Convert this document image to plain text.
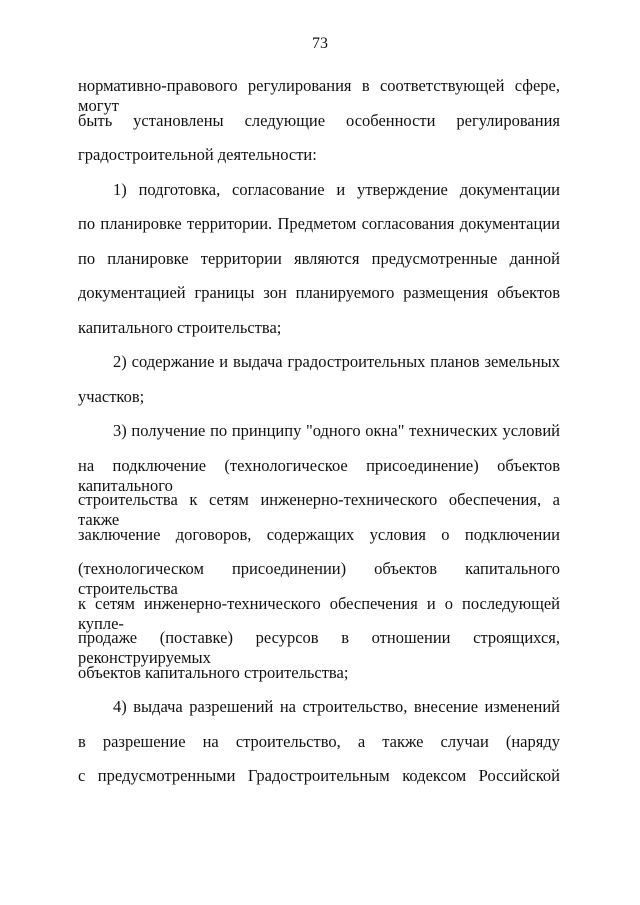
73
нормативно-правового регулирования в соответствующей сфере, могут
быть установлены следующие особенности регулирования
градостроительной деятельности:
1) подготовка, согласование и утверждение документации
по планировке территории. Предметом согласования документации
по планировке территории являются предусмотренные данной
документацией границы зон планируемого размещения объектов
капитального строительства;
2) содержание и выдача градостроительных планов земельных
участков;
3) получение по принципу "одного окна" технических условий
на подключение (технологическое присоединение) объектов капитального
строительства к сетям инженерно-технического обеспечения, а также
заключение договоров, содержащих условия о подключении
(технологическом присоединении) объектов капитального строительства
к сетям инженерно-технического обеспечения и о последующей купле-
продаже (поставке) ресурсов в отношении строящихся, реконструируемых
объектов капитального строительства;
4) выдача разрешений на строительство, внесение изменений
в разрешение на строительство, а также случаи (наряду
с предусмотренными Градостроительным кодексом Российской
